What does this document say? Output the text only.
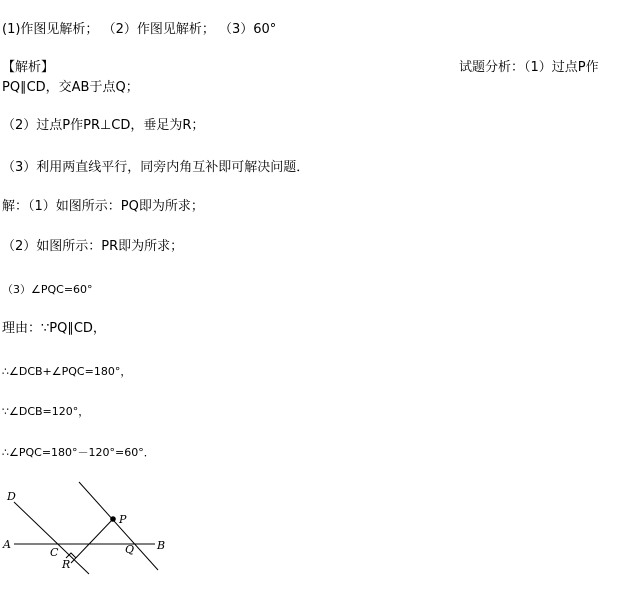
(1)作图见解析； （2）作图见解析； （3）60°
【解析】	试题分析：（1）过点P作
PQ∥CD，交AB于点Q；
（2）过点P作PR⊥CD，垂足为R；
（3）利用两直线平行，同旁内角互补即可解决问题．
解：（1）如图所示：PQ即为所求；
（2）如图所示：PR即为所求；
（3）∠PQC=60°
理由：∵PQ∥CD，
∴∠DCB+∠PQC=180°，
∵∠DCB=120°，
∴∠PQC=180°－120°=60°．
D
A
C
R
P
Q B
